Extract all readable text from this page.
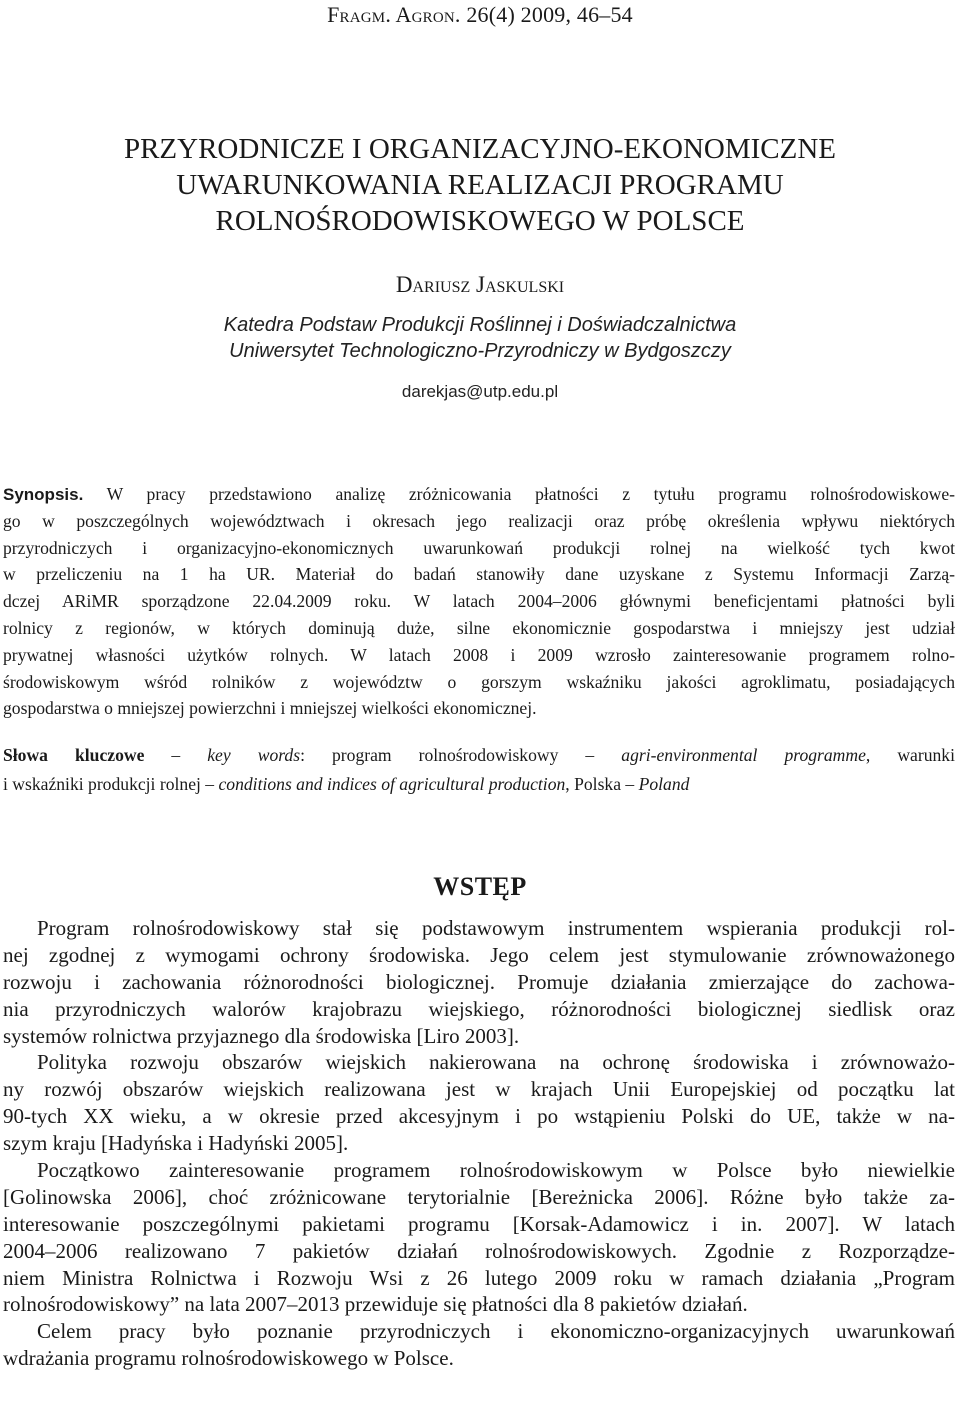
Fragm. Agron. 26(4) 2009, 46–54
PRZYRODNICZE I ORGANIZACYJNO-EKONOMICZNE
UWARUNKOWANIA REALIZACJI PROGRAMU
ROLNOŚRODOWISKOWEGO W POLSCE
Dariusz Jaskulski
Katedra Podstaw Produkcji Roślinnej i Doświadczalnictwa
Uniwersytet Technologiczno-Przyrodniczy w Bydgoszczy
darekjas@utp.edu.pl
Synopsis. W pracy przedstawiono analizę zróżnicowania płatności z tytułu programu rolnośrodowiskowe-
go w poszczególnych województwach i okresach jego realizacji oraz próbę określenia wpływu niektórych
przyrodniczych i organizacyjno-ekonomicznych uwarunkowań produkcji rolnej na wielkość tych kwot
w przeliczeniu na 1 ha UR. Materiał do badań stanowiły dane uzyskane z Systemu Informacji Zarzą-
dczej ARiMR sporządzone 22.04.2009 roku. W latach 2004–2006 głównymi beneficjentami płatności byli
rolnicy z regionów, w których dominują duże, silne ekonomicznie gospodarstwa i mniejszy jest udział
prywatnej własności użytków rolnych. W latach 2008 i 2009 wzrosło zainteresowanie programem rolno-
środowiskowym wśród rolników z województw o gorszym wskaźniku jakości agroklimatu, posiadających
gospodarstwa o mniejszej powierzchni i mniejszej wielkości ekonomicznej.
Słowa kluczowe – key words: program rolnośrodowiskowy – agri-environmental programme, warunki
i wskaźniki produkcji rolnej – conditions and indices of agricultural production, Polska – Poland
WSTĘP
Program rolnośrodowiskowy stał się podstawowym instrumentem wspierania produkcji rol-
nej zgodnej z wymogami ochrony środowiska. Jego celem jest stymulowanie zrównoważonego
rozwoju i zachowania różnorodności biologicznej. Promuje działania zmierzające do zachowa-
nia przyrodniczych walorów krajobrazu wiejskiego, różnorodności biologicznej siedlisk oraz
systemów rolnictwa przyjaznego dla środowiska [Liro 2003].
Polityka rozwoju obszarów wiejskich nakierowana na ochronę środowiska i zrównoważo-
ny rozwój obszarów wiejskich realizowana jest w krajach Unii Europejskiej od początku lat
90-tych XX wieku, a w okresie przed akcesyjnym i po wstąpieniu Polski do UE, także w na-
szym kraju [Hadyńska i Hadyński 2005].
Początkowo zainteresowanie programem rolnośrodowiskowym w Polsce było niewielkie
[Golinowska 2006], choć zróżnicowane terytorialnie [Bereżnicka 2006]. Różne było także za-
interesowanie poszczególnymi pakietami programu [Korsak-Adamowicz i in. 2007]. W latach
2004–2006 realizowano 7 pakietów działań rolnośrodowiskowych. Zgodnie z Rozporządze-
niem Ministra Rolnictwa i Rozwoju Wsi z 26 lutego 2009 roku w ramach działania „Program
rolnośrodowiskowy” na lata 2007–2013 przewiduje się płatności dla 8 pakietów działań.
Celem pracy było poznanie przyrodniczych i ekonomiczno-organizacyjnych uwarunkowań
wdrażania programu rolnośrodowiskowego w Polsce.
